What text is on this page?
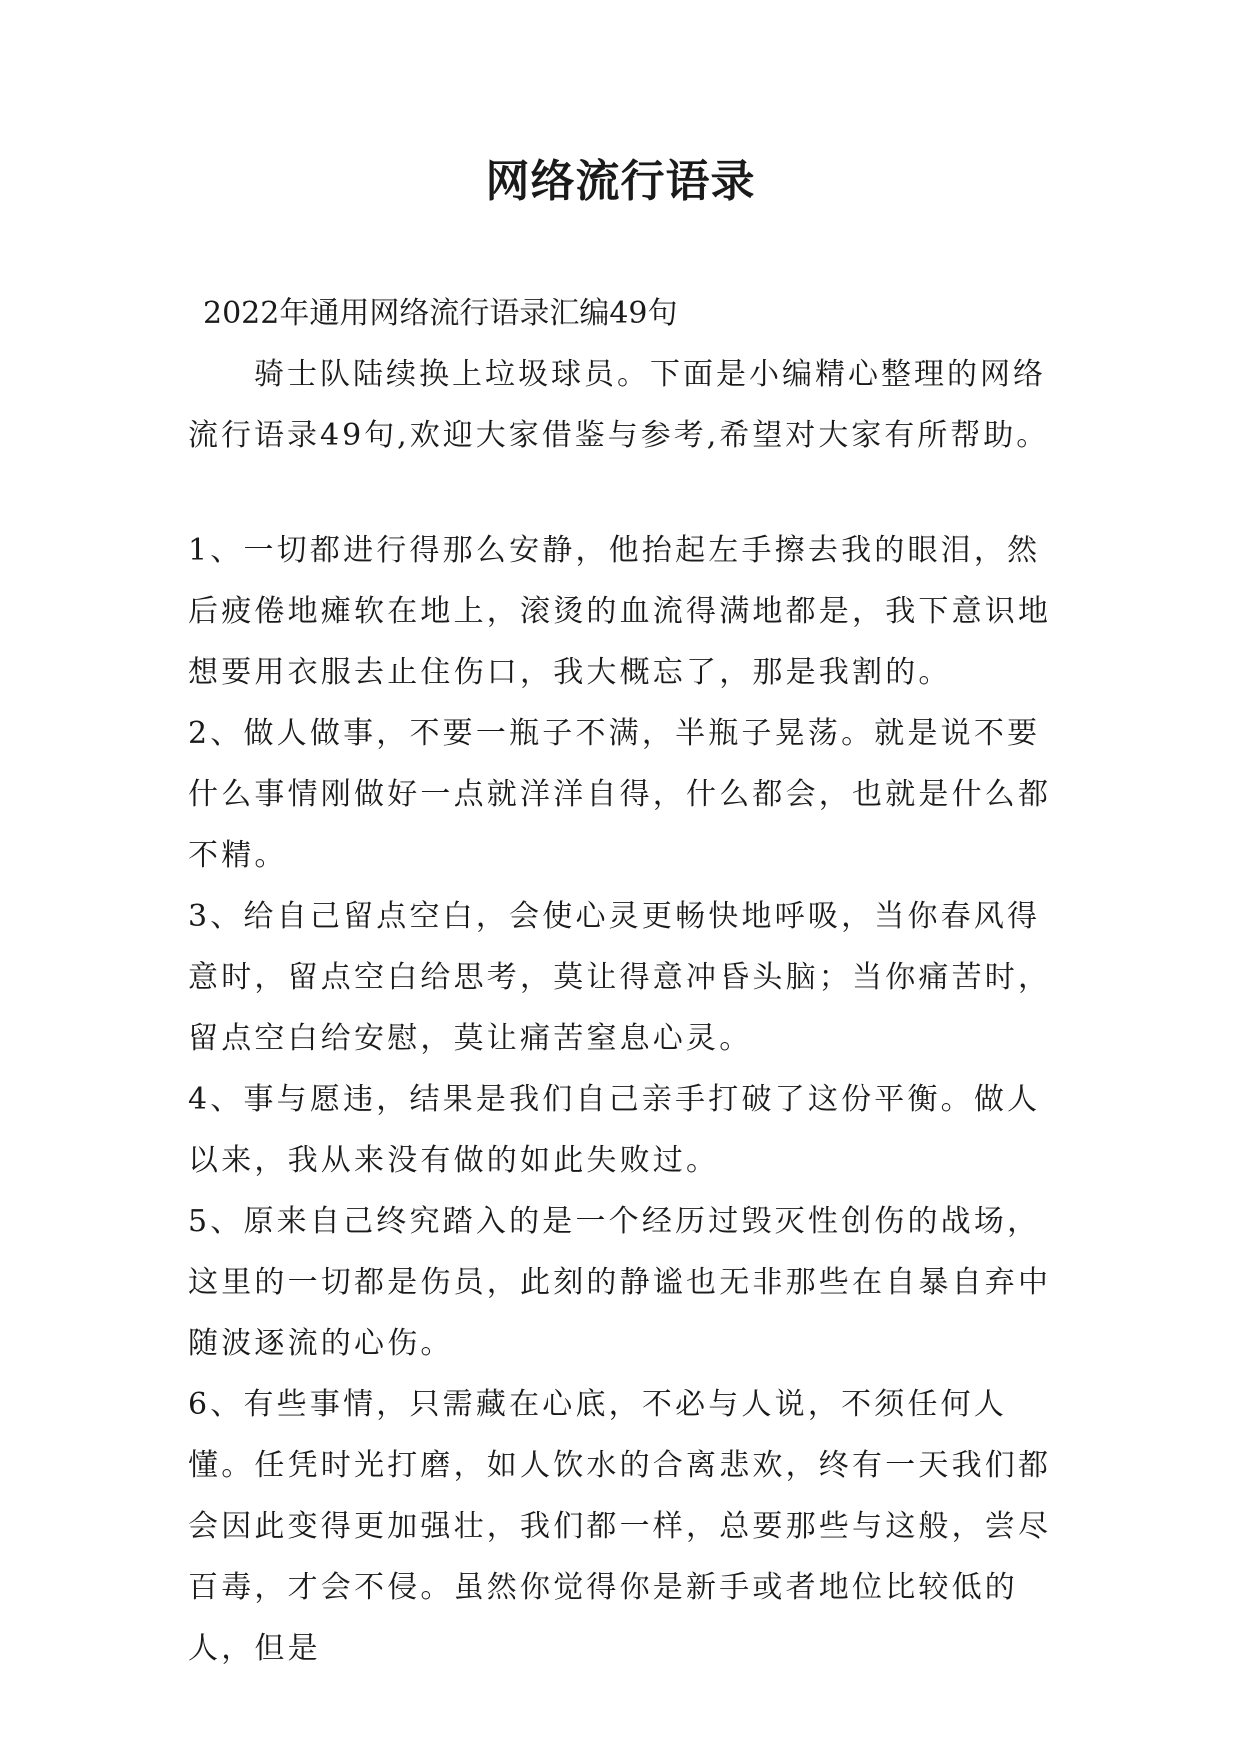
网络流行语录
2022年通用网络流行语录汇编49句

骑士队陆续换上垃圾球员。下面是小编精心整理的网络流行语录49句,欢迎大家借鉴与参考,希望对大家有所帮助。

1、一切都进行得那么安静，他抬起左手擦去我的眼泪，然后疲倦地瘫软在地上，滚烫的血流得满地都是，我下意识地想要用衣服去止住伤口，我大概忘了，那是我割的。

2、做人做事，不要一瓶子不满，半瓶子晃荡。就是说不要什么事情刚做好一点就洋洋自得，什么都会，也就是什么都不精。

3、给自己留点空白，会使心灵更畅快地呼吸，当你春风得意时，留点空白给思考，莫让得意冲昏头脑；当你痛苦时，留点空白给安慰，莫让痛苦窒息心灵。

4、事与愿违，结果是我们自己亲手打破了这份平衡。做人以来，我从来没有做的如此失败过。

5、原来自己终究踏入的是一个经历过毁灭性创伤的战场，这里的一切都是伤员，此刻的静谧也无非那些在自暴自弃中随波逐流的心伤。

6、有些事情，只需藏在心底，不必与人说，不须任何人懂。任凭时光打磨，如人饮水的合离悲欢，终有一天我们都会因此变得更加强壮，我们都一样，总要那些与这般，尝尽百毒，才会不侵。虽然你觉得你是新手或者地位比较低的人，但是
